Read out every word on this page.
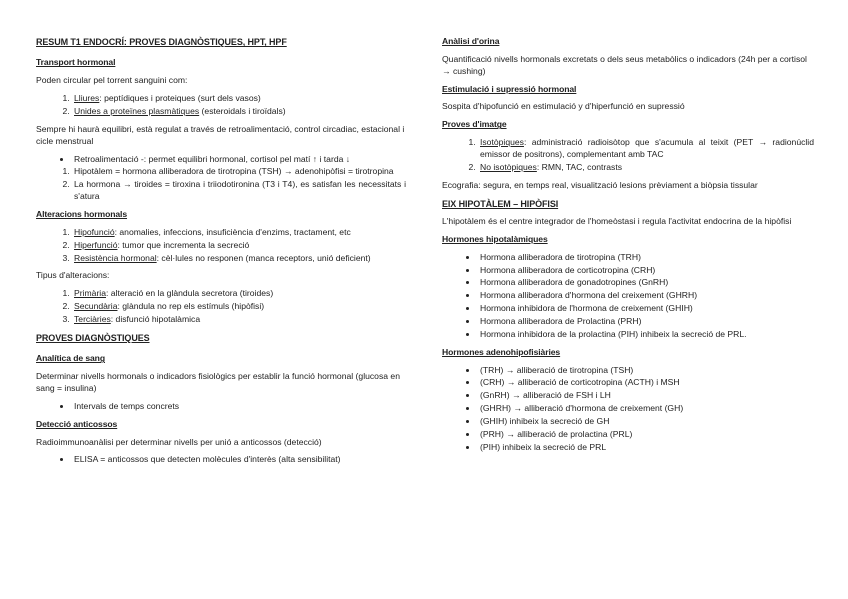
RESUM T1 ENDOCRÍ: PROVES DIAGNÒSTIQUES, HPT, HPF
Transport hormonal

Poden circular pel torrent sanguini com:

1. Lliures: peptídiques i proteiques (surt dels vasos)
2. Unides a proteïnes plasmàtiques (esteroidals i tiroïdals)

Sempre hi haurà equilibri, està regulat a través de retroalimentació, control circadiac, estacional i cicle menstrual

• Retroalimentació -: permet equilibri hormonal, cortisol pel matí ↑ i tarda ↓
1. Hipotàlem = hormona alliberadora de tirotropina (TSH) → adenohipòfisi = tirotropina
2. La hormona → tiroides = tiroxina i triiodotironina (T3 i T4), es satisfan les necessitats i s'atura
Alteracions hormonals
1. Hipofunció: anomalies, infeccions, insuficiència d'enzims, tractament, etc
2. Hiperfunció: tumor que incrementa la secreció
3. Resistència hormonal: cèl·lules no responen (manca receptors, unió deficient)

Tipus d'alteracions:

1. Primària: alteració en la glàndula secretora (tiroides)
2. Secundària: glàndula no rep els estímuls (hipòfisi)
3. Terciàries: disfunció hipotalàmica
PROVES DIAGNÒSTIQUES
Analítica de sang

Determinar nivells hormonals o indicadors fisiològics per establir la funció hormonal (glucosa en sang = insulina)

• Intervals de temps concrets
Detecció anticossos

Radioimmunoanàlisi per determinar nivells per unió a anticossos (detecció)

• ELISA = anticossos que detecten molècules d'interès (alta sensibilitat)
Anàlisi d'orina

Quantificació nivells hormonals excretats o dels seus metabòlics o indicadors (24h per a cortisol → cushing)

Estimulació i supressió hormonal

Sospita d'hipofunció en estimulació y d'hiperfunció en supressió

Proves d'imatge
1. Isotòpiques: administració radioisòtop que s'acumula al teixit (PET → radionúclid emissor de positrons), complementant amb TAC
2. No isotòpiques: RMN, TAC, contrasts

Ecografia: segura, en temps real, visualització lesions prèviament a biòpsia tissular

EIX HIPOTÀLEM – HIPÒFISI

L'hipotàlem és el centre integrador de l'homeòstasi i regula l'activitat endocrina de la hipòfisi

Hormones hipotalàmiques
• Hormona alliberadora de tirotropina (TRH)
• Hormona alliberadora de corticotropina (CRH)
• Hormona alliberadora de gonadotropines (GnRH)
• Hormona alliberadora d'hormona del creixement (GHRH)
• Hormona inhibidora de l'hormona de creixement (GHIH)
• Hormona alliberadora de Prolactina (PRH)
• Hormona inhibidora de la prolactina (PIH) inhibeix la secreció de PRL.
Hormones adenohipofisiàries
• (TRH) → alliberació de tirotropina (TSH)
• (CRH) → alliberació de corticotropina (ACTH) i MSH
• (GnRH) → alliberació de FSH i LH
• (GHRH) → alliberació d'hormona de creixement (GH)
• (GHIH) inhibeix la secreció de GH
• (PRH) → alliberació de prolactina (PRL)
• (PIH) inhibeix la secreció de PRL
